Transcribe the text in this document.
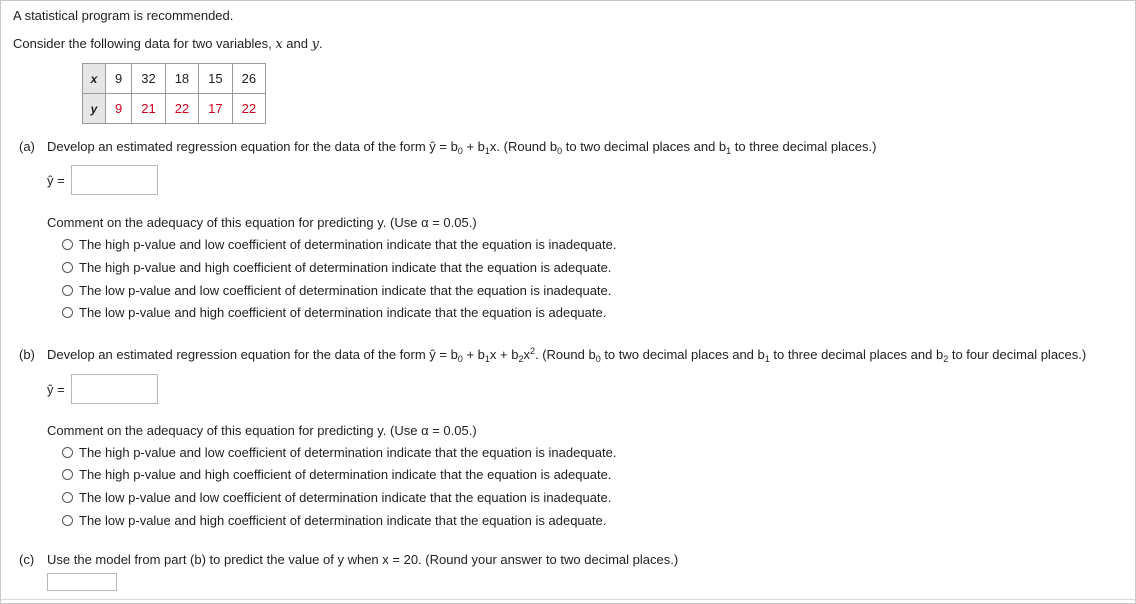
A statistical program is recommended.
Consider the following data for two variables, x and y.
x	9	32	18	15	26
y	9	21	22	17	22
(a) Develop an estimated regression equation for the data of the form ŷ = $b_0 + b_1x$. (Round $b_0$ to two decimal places and $b_1$ to three decimal places.)
ŷ =
Comment on the adequacy of this equation for predicting y. (Use α = 0.05.)
The high p-value and low coefficient of determination indicate that the equation is inadequate.
The high p-value and high coefficient of determination indicate that the equation is adequate.
The low p-value and low coefficient of determination indicate that the equation is inadequate.
The low p-value and high coefficient of determination indicate that the equation is adequate.
(b) Develop an estimated regression equation for the data of the form ŷ = $b_0 + b_1x + b_2x^2$. (Round $b_0$ to two decimal places and $b_1$ to three decimal places and $b_2$ to four decimal places.)
ŷ =
Comment on the adequacy of this equation for predicting y. (Use α = 0.05.)
The high p-value and low coefficient of determination indicate that the equation is inadequate.
The high p-value and high coefficient of determination indicate that the equation is adequate.
The low p-value and low coefficient of determination indicate that the equation is inadequate.
The low p-value and high coefficient of determination indicate that the equation is adequate.
(c) Use the model from part (b) to predict the value of y when x = 20. (Round your answer to two decimal places.)
